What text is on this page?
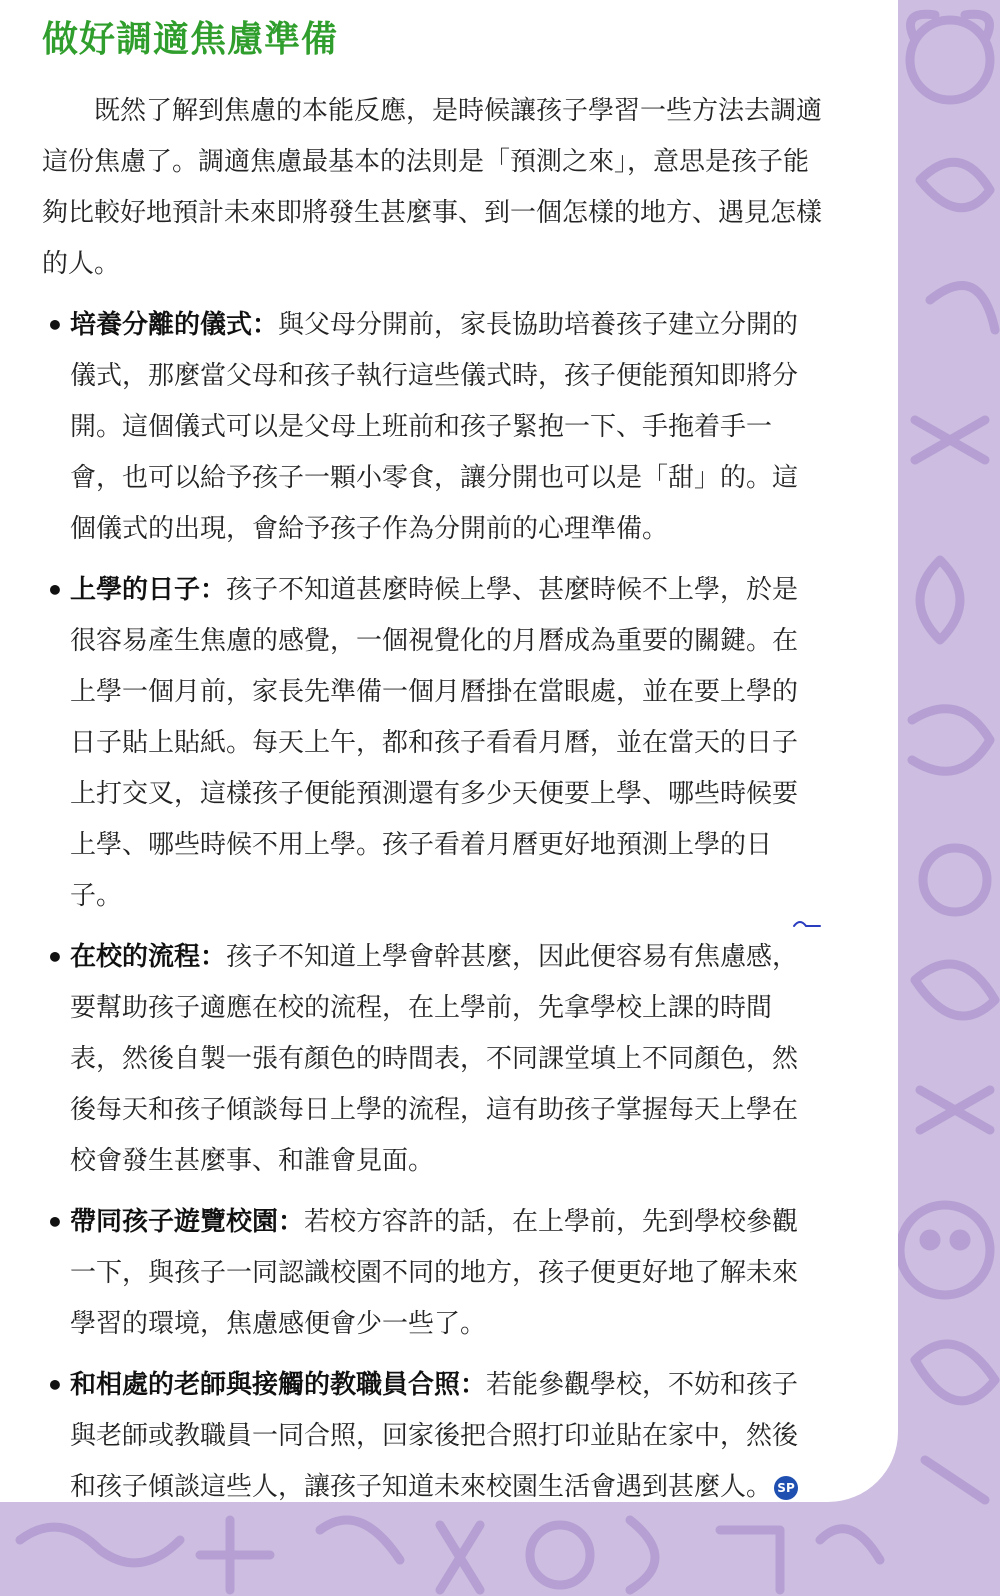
做好調適焦慮準備

既然了解到焦慮的本能反應，是時候讓孩子學習一些方法去調適這份焦慮了。調適焦慮最基本的法則是「預測之來」，意思是孩子能夠比較好地預計未來即將發生甚麼事、到一個怎樣的地方、遇見怎樣的人。

• 培養分離的儀式：與父母分開前，家長協助培養孩子建立分開的儀式，那麼當父母和孩子執行這些儀式時，孩子便能預知即將分開。這個儀式可以是父母上班前和孩子緊抱一下、手拖着手一會，也可以給予孩子一顆小零食，讓分開也可以是「甜」的。這個儀式的出現，會給予孩子作為分開前的心理準備。
• 上學的日子：孩子不知道甚麼時候上學、甚麼時候不上學，於是很容易產生焦慮的感覺，一個視覺化的月曆成為重要的關鍵。在上學一個月前，家長先準備一個月曆掛在當眼處，並在要上學的日子貼上貼紙。每天上午，都和孩子看看月曆，並在當天的日子上打交叉，這樣孩子便能預測還有多少天便要上學、哪些時候要上學、哪些時候不用上學。孩子看着月曆更好地預測上學的日子。
• 在校的流程：孩子不知道上學會幹甚麼，因此便容易有焦慮感，要幫助孩子適應在校的流程，在上學前，先拿學校上課的時間表，然後自製一張有顏色的時間表，不同課堂填上不同顏色，然後每天和孩子傾談每日上學的流程，這有助孩子掌握每天上學在校會發生甚麼事、和誰會見面。
• 帶同孩子遊覽校園：若校方容許的話，在上學前，先到學校參觀一下，與孩子一同認識校園不同的地方，孩子便更好地了解未來學習的環境，焦慮感便會少一些了。
• 和相處的老師與接觸的教職員合照：若能參觀學校，不妨和孩子與老師或教職員一同合照，回家後把合照打印並貼在家中，然後和孩子傾談這些人，讓孩子知道未來校園生活會遇到甚麼人。 SP
